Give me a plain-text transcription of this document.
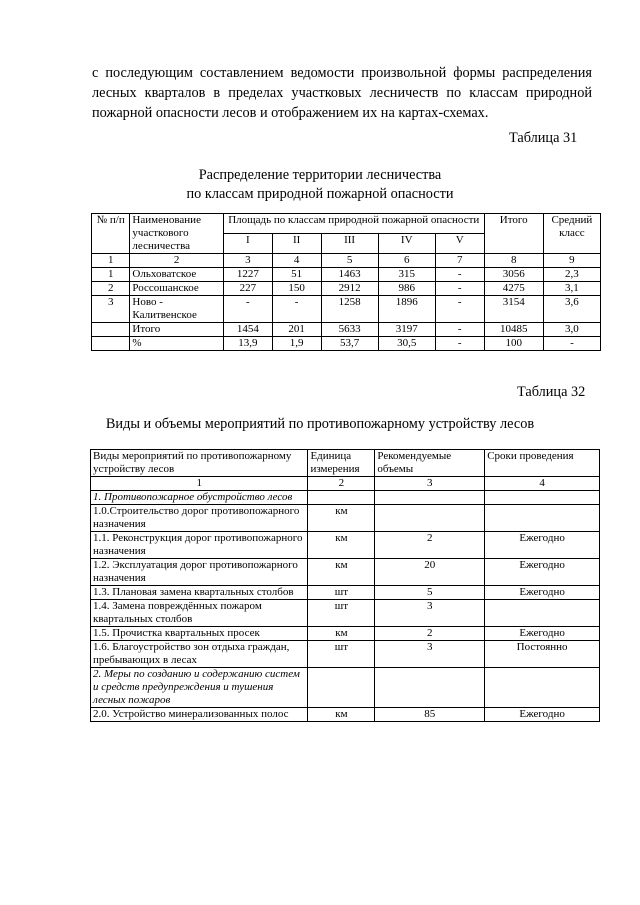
с последующим составлением ведомости произвольной формы распределения лесных кварталов в пределах участковых лесничеств по классам природной пожарной опасности лесов и отображением их на картах-схемах.
Таблица 31
Распределение территории лесничества
по классам природной пожарной опасности
№ п/п	Наименование участкового лесничества	Площадь по классам природной пожарной опасности					Итого	Средний класс

		I	II	III	IV	V		
1	2	3	4	5	6	7	8	9
1	Ольховатское	1227	51	1463	315	-	3056	2,3
2	Россошанское	227	150	2912	986	-	4275	3,1
3	Ново - Калитвенское	-	-	1258	1896	-	3154	3,6
	Итого	1454	201	5633	3197	-	10485	3,0
	%	13,9	1,9	53,7	30,5	-	100	-
Таблица 32
Виды и объемы мероприятий по противопожарному устройству лесов
Виды мероприятий по противопожарному устройству лесов	Единица измерения	Рекомендуемые объемы	Сроки проведения
1	2	3	4
1. Противопожарное обустройство лесов			
1.0.Строительство дорог противопожарного назначения	км		
1.1. Реконструкция дорог противопожарного назначения	км	2	Ежегодно
1.2. Эксплуатация дорог противопожарного назначения	км	20	Ежегодно
1.3. Плановая замена квартальных столбов	шт	5	Ежегодно
1.4. Замена повреждённых пожаром квартальных столбов	шт	3	
1.5. Прочистка квартальных просек	км	2	Ежегодно
1.6. Благоустройство зон отдыха граждан, пребывающих в лесах	шт	3	Постоянно
2. Меры по созданию и содержанию систем и средств предупреждения и тушения лесных пожаров			
2.0. Устройство минерализованных полос	км	85	Ежегодно
